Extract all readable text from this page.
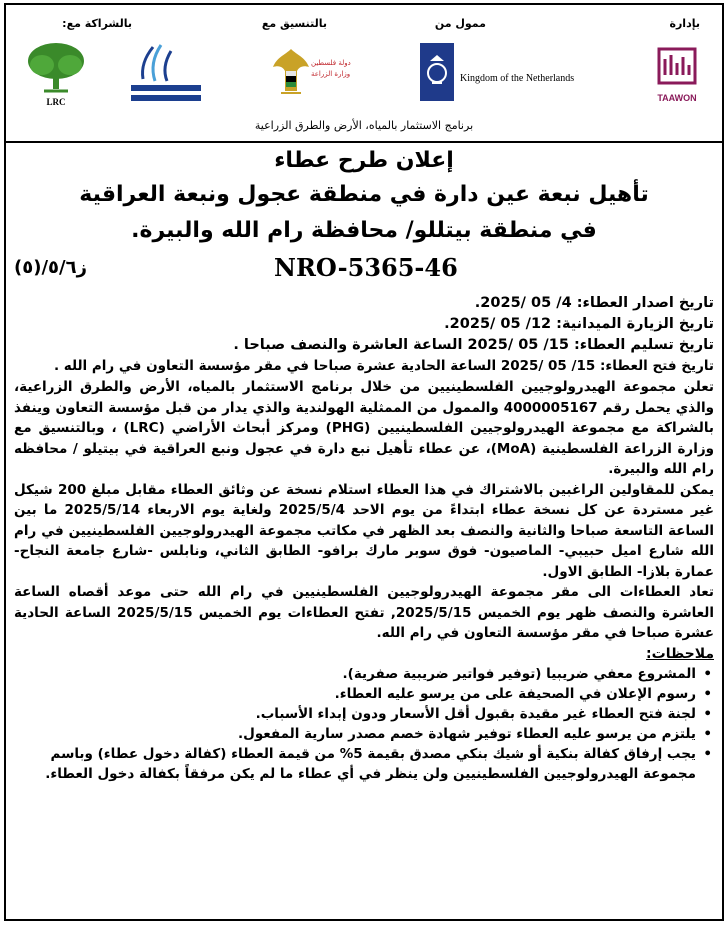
بإدارة
ممول من
بالتنسيق مع
بالشراكة مع:
TAAWON
Kingdom of the Netherlands
دولة فلسطين
وزارة الزراعة
LRC
برنامج الاستثمار بالمياه، الأرض والطرق الزراعية

إعلان طرح عطاء

تأهيل نبعة عين دارة في منطقة عجول ونبعة العراقية

في منطقة بيتللو/ محافظة رام الله والبيرة.

NRO-5365-46
ز٥/٦/(٥)

تاريخ اصدار العطاء: 4/ 05 /2025.

تاريخ الزيارة الميدانية: 12/ 05 /2025.

تاريخ تسليم العطاء: 15/ 05 /2025 الساعة العاشرة والنصف صباحا .

تاريخ فتح العطاء: 15/ 05 /2025 الساعة الحادية عشرة صباحا في مقر مؤسسة التعاون في رام الله .

تعلن مجموعة الهيدرولوجيين الفلسطينيين من خلال برنامج الاستثمار بالمياه، الأرض والطرق الزراعية، والذي يحمل رقم 4000005167 والممول من الممثلية الهولندية والذي يدار من قبل مؤسسة التعاون وينفذ بالشراكة مع مجموعة الهيدرولوجيين الفلسطينيين (PHG) ومركز أبحاث الأراضي (LRC) ، وبالتنسيق مع وزارة الزراعة الفلسطينية (MoA)، عن عطاء تأهيل نبع دارة في عجول ونبع العراقية في بيتيلو / محافظه رام الله والبيرة.

يمكن للمقاولين الراغبين بالاشتراك في هذا العطاء استلام نسخة عن وثائق العطاء مقابل مبلغ 200 شيكل غير مستردة عن كل نسخة عطاء ابتداءً من يوم الاحد 2025/5/4 ولغاية يوم الاربعاء 2025/5/14 ما بين الساعة التاسعة صباحا والثانية والنصف بعد الظهر في مكاتب مجموعة الهيدرولوجيين الفلسطينيين في رام الله شارع اميل حبيبي- الماصيون- فوق سوبر مارك برافو- الطابق الثاني، ونابلس -شارع جامعة النجاح-عمارة بلازا- الطابق الاول.

تعاد العطاءات الى مقر مجموعة الهيدرولوجيين الفلسطينيين في رام الله حتى موعد أقصاه الساعة العاشرة والنصف ظهر يوم الخميس 2025/5/15, تفتح العطاءات يوم الخميس 2025/5/15 الساعة الحادية عشرة صباحا في مقر مؤسسة التعاون في رام الله.

ملاحظات:

•
المشروع معفي ضريبيا (توفير فواتير ضريبية صفرية).
•
رسوم الإعلان في الصحيفة على من يرسو عليه العطاء.
•
لجنة فتح العطاء غير مقيدة بقبول أقل الأسعار ودون إبداء الأسباب.
•
يلتزم من يرسو عليه العطاء توفير شهادة خصم مصدر سارية المفعول.
•
يجب إرفاق كفالة بنكية أو شيك بنكي مصدق بقيمة 5% من قيمة العطاء (كفالة دخول عطاء) وباسم مجموعة الهيدرولوجيين الفلسطينيين ولن ينظر في أي عطاء ما لم يكن مرفقاً بكفالة دخول العطاء.
